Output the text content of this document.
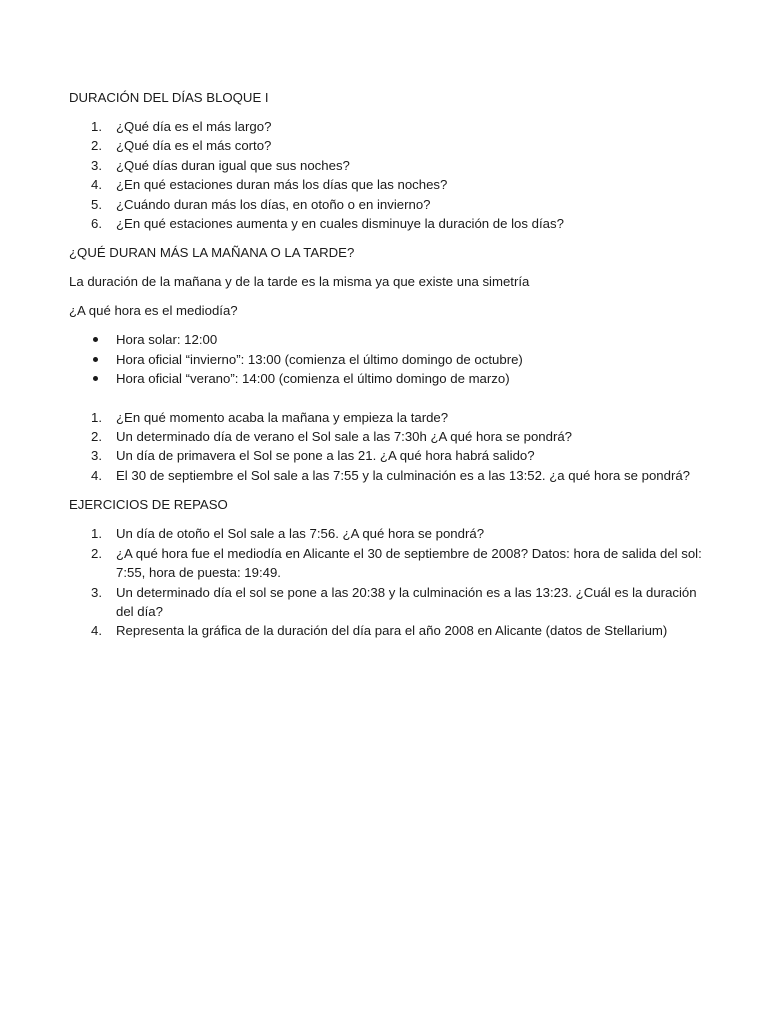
DURACIÓN DEL DÍAS BLOQUE I

1.	¿Qué día es el más largo?
2.	¿Qué día es el más corto?
3.	¿Qué días duran igual que sus noches?
4.	¿En qué estaciones duran más los días que las noches?
5.	¿Cuándo duran más los días, en otoño o en invierno?
6.	¿En qué estaciones aumenta y en cuales disminuye la duración de los días?

¿QUÉ DURAN MÁS LA MAÑANA O LA TARDE?

La duración de la mañana y de la tarde es la misma ya que existe una simetría

¿A qué hora es el mediodía?

Hora solar: 12:00
Hora oficial “invierno”: 13:00 (comienza el último domingo de octubre)
Hora oficial “verano”: 14:00 (comienza el último domingo de marzo)
1.	¿En qué momento acaba la mañana y empieza la tarde?
2.	Un determinado día de verano el Sol sale a las 7:30h ¿A qué hora se pondrá?
3.	Un día de primavera el Sol se pone a las 21. ¿A qué hora habrá salido?
4.	El 30 de septiembre el Sol sale a las 7:55 y la culminación es a las 13:52. ¿a qué hora se pondrá?

EJERCICIOS DE REPASO

1.	Un día de otoño el Sol sale a las 7:56. ¿A qué hora se pondrá?
2.	¿A qué hora fue el mediodía en Alicante el 30 de septiembre de 2008? Datos: hora de salida del sol: 7:55, hora de puesta: 19:49.
3.	Un determinado día el sol se pone a las 20:38 y la culminación es a las 13:23. ¿Cuál es la duración del día?
4.	Representa la gráfica de la duración del día para el año 2008 en Alicante (datos de Stellarium)
